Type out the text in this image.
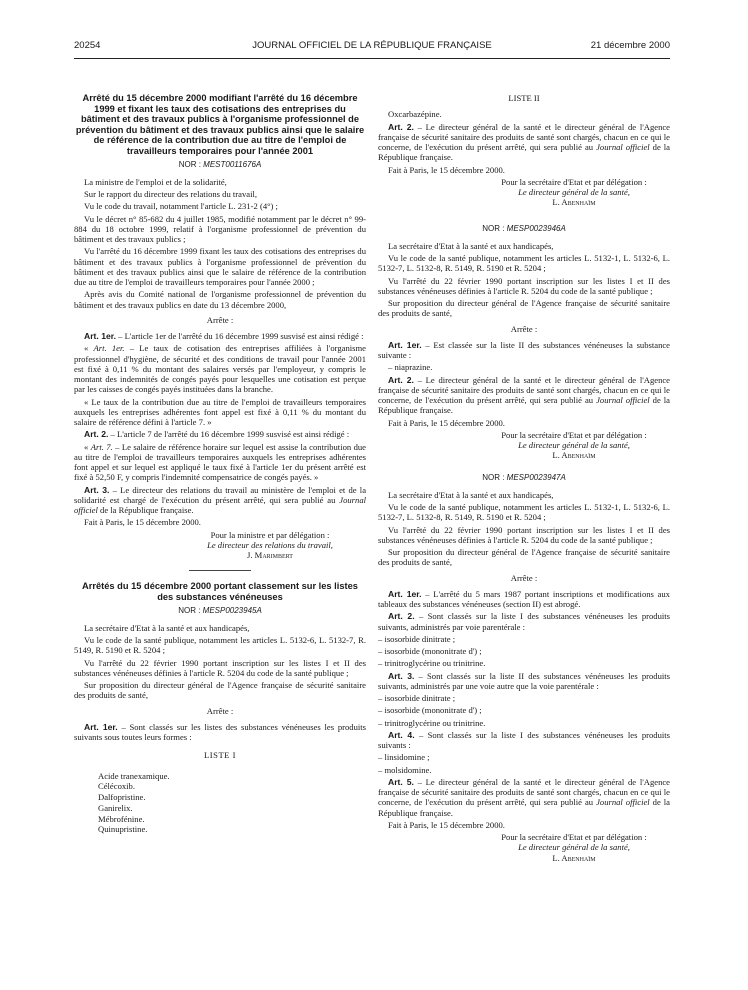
20254	JOURNAL OFFICIEL DE LA RÉPUBLIQUE FRANÇAISE	21 décembre 2000
Arrêté du 15 décembre 2000 modifiant l'arrêté du 16 décembre 1999 et fixant les taux des cotisations des entreprises du bâtiment et des travaux publics à l'organisme professionnel de prévention du bâtiment et des travaux publics ainsi que le salaire de référence de la contribution due au titre de l'emploi de travailleurs temporaires pour l'année 2001
NOR : MEST0011676A

La ministre de l'emploi et de la solidarité,

Sur le rapport du directeur des relations du travail,

Vu le code du travail, notamment l'article L. 231-2 (4°) ;

Vu le décret n° 85-682 du 4 juillet 1985, modifié notamment par le décret n° 99-884 du 18 octobre 1999, relatif à l'organisme professionnel de prévention du bâtiment et des travaux publics ;

Vu l'arrêté du 16 décembre 1999 fixant les taux des cotisations des entreprises du bâtiment et des travaux publics à l'organisme professionnel de prévention du bâtiment et des travaux publics ainsi que le salaire de référence de la contribution due au titre de l'emploi de travailleurs temporaires pour l'année 2000 ;

Après avis du Comité national de l'organisme professionnel de prévention du bâtiment et des travaux publics en date du 13 décembre 2000,

Arrête :

Art. 1er. – L'article 1er de l'arrêté du 16 décembre 1999 susvisé est ainsi rédigé :

« Art. 1er. – Le taux de cotisation des entreprises affiliées à l'organisme professionnel d'hygiène, de sécurité et des conditions de travail pour l'année 2001 est fixé à 0,11 % du montant des salaires versés par l'employeur, y compris le montant des indemnités de congés payés pour lesquelles une cotisation est perçue par les caisses de congés payés instituées dans la branche.

« Le taux de la contribution due au titre de l'emploi de travailleurs temporaires auxquels les entreprises adhérentes font appel est fixé à 0,11 % du montant du salaire de référence défini à l'article 7. »

Art. 2. – L'article 7 de l'arrêté du 16 décembre 1999 susvisé est ainsi rédigé :

« Art. 7. – Le salaire de référence horaire sur lequel est assise la contribution due au titre de l'emploi de travailleurs temporaires auxquels les entreprises adhérentes font appel et sur lequel est appliqué le taux fixé à l'article 1er du présent arrêté est fixé à 52,50 F, y compris l'indemnité compensatrice de congés payés. »

Art. 3. – Le directeur des relations du travail au ministère de l'emploi et de la solidarité est chargé de l'exécution du présent arrêté, qui sera publié au Journal officiel de la République française.

Fait à Paris, le 15 décembre 2000.

Pour la ministre et par délégation :

Le directeur des relations du travail,

J. Marimbert

Arrêtés du 15 décembre 2000 portant classement sur les listes des substances vénéneuses
NOR : MESP0023945A

La secrétaire d'Etat à la santé et aux handicapés,

Vu le code de la santé publique, notamment les articles L. 5132-6, L. 5132-7, R. 5149, R. 5190 et R. 5204 ;

Vu l'arrêté du 22 février 1990 portant inscription sur les listes I et II des substances vénéneuses définies à l'article R. 5204 du code de la santé publique ;

Sur proposition du directeur général de l'Agence française de sécurité sanitaire des produits de santé,

Arrête :

Art. 1er. – Sont classés sur les listes des substances vénéneuses les produits suivants sous toutes leurs formes :

LISTE I

Acide tranexamique.

Célécoxib.

Dalfopristine.

Ganirelix.

Mébrofénine.

Quinupristine.

LISTE II

Oxcarbazépine.

Art. 2. – Le directeur général de la santé et le directeur général de l'Agence française de sécurité sanitaire des produits de santé sont chargés, chacun en ce qui le concerne, de l'exécution du présent arrêté, qui sera publié au Journal officiel de la République française.

Fait à Paris, le 15 décembre 2000.

Pour la secrétaire d'Etat et par délégation :

Le directeur général de la santé,

L. Abenhaïm

NOR : MESP0023946A

La secrétaire d'Etat à la santé et aux handicapés,

Vu le code de la santé publique, notamment les articles L. 5132-1, L. 5132-6, L. 5132-7, L. 5132-8, R. 5149, R. 5190 et R. 5204 ;

Vu l'arrêté du 22 février 1990 portant inscription sur les listes I et II des substances vénéneuses définies à l'article R. 5204 du code de la santé publique ;

Sur proposition du directeur général de l'Agence française de sécurité sanitaire des produits de santé,

Arrête :

Art. 1er. – Est classée sur la liste II des substances vénéneuses la substance suivante :

– niaprazine.

Art. 2. – Le directeur général de la santé et le directeur général de l'Agence française de sécurité sanitaire des produits de santé sont chargés, chacun en ce qui le concerne, de l'exécution du présent arrêté, qui sera publié au Journal officiel de la République française.

Fait à Paris, le 15 décembre 2000.

Pour la secrétaire d'Etat et par délégation :

Le directeur général de la santé,

L. Abenhaïm

NOR : MESP0023947A

La secrétaire d'Etat à la santé et aux handicapés,

Vu le code de la santé publique, notamment les articles L. 5132-1, L. 5132-6, L. 5132-7, L. 5132-8, R. 5149, R. 5190 et R. 5204 ;

Vu l'arrêté du 22 février 1990 portant inscription sur les listes I et II des substances vénéneuses définies à l'article R. 5204 du code de la santé publique ;

Sur proposition du directeur général de l'Agence française de sécurité sanitaire des produits de santé,

Arrête :

Art. 1er. – L'arrêté du 5 mars 1987 portant inscriptions et modifications aux tableaux des substances vénéneuses (section II) est abrogé.

Art. 2. – Sont classés sur la liste I des substances vénéneuses les produits suivants, administrés par voie parentérale :

– isosorbide dinitrate ;

– isosorbide (mononitrate d') ;

– trinitroglycérine ou trinitrine.

Art. 3. – Sont classés sur la liste II des substances vénéneuses les produits suivants, administrés par une voie autre que la voie parentérale :

– isosorbide dinitrate ;

– isosorbide (mononitrate d') ;

– trinitroglycérine ou trinitrine.

Art. 4. – Sont classés sur la liste I des substances vénéneuses les produits suivants :

– linsidomine ;

– molsidomine.

Art. 5. – Le directeur général de la santé et le directeur général de l'Agence française de sécurité sanitaire des produits de santé sont chargés, chacun en ce qui le concerne, de l'exécution du présent arrêté, qui sera publié au Journal officiel de la République française.

Fait à Paris, le 15 décembre 2000.

Pour la secrétaire d'Etat et par délégation :

Le directeur général de la santé,

L. Abenhaïm
